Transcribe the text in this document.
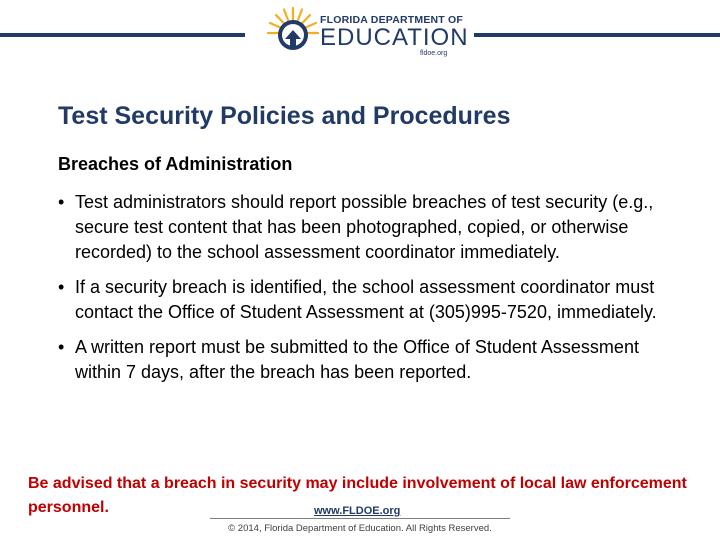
FLORIDA DEPARTMENT OF
EDUCATION
fldoe.org
Test Security Policies and Procedures
Breaches of Administration
• Test administrators should report possible breaches of test security (e.g., secure test content that has been photographed, copied, or otherwise recorded) to the school assessment coordinator immediately.
• If a security breach is identified, the school assessment coordinator must contact the Office of Student Assessment at (305)995-7520, immediately.
• A written report must be submitted to the Office of Student Assessment within 7 days, after the breach has been reported.
Be advised that a breach in security may include involvement of local law enforcement personnel.	www.FLDOE.org
© 2014, Florida Department of Education. All Rights Reserved.
